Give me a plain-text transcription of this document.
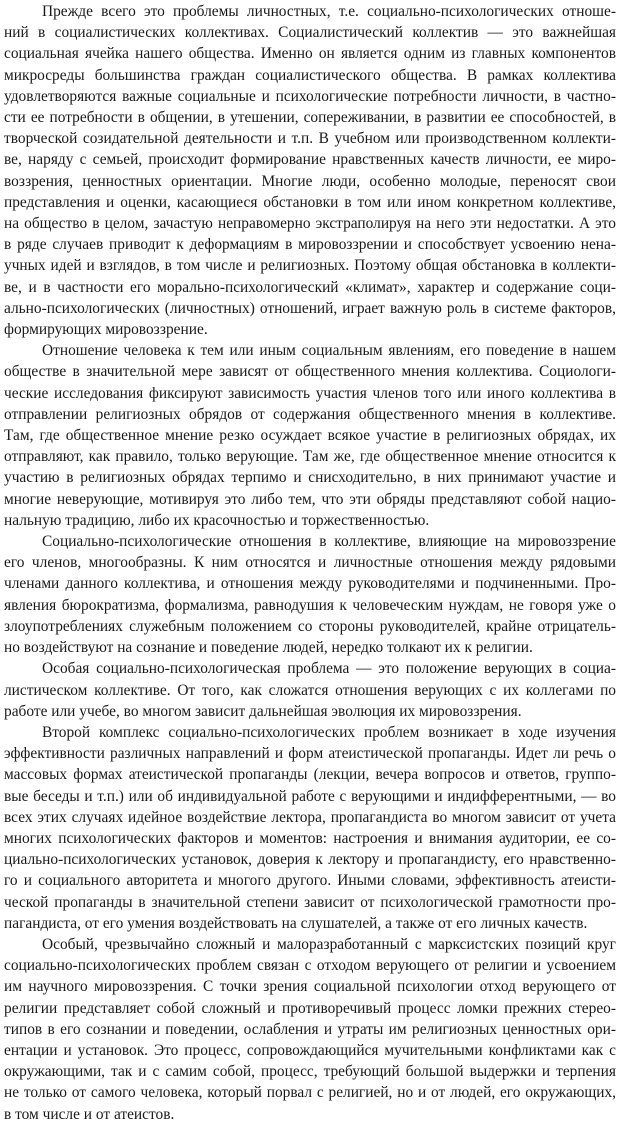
Прежде всего это проблемы личностных, т.е. социально-психологических отноше-
ний в социалистических коллективах. Социалистический коллектив — это важнейшая
социальная ячейка нашего общества. Именно он является одним из главных компонентов
микросреды большинства граждан социалистического общества. В рамках коллектива
удовлетворяются важные социальные и психологические потребности личности, в частно-
сти ее потребности в общении, в утешении, сопереживании, в развитии ее способностей, в
творческой созидательной деятельности и т.п. В учебном или производственном коллекти-
ве, наряду с семьей, происходит формирование нравственных качеств личности, ее миро-
воззрения, ценностных ориентации. Многие люди, особенно молодые, переносят свои
представления и оценки, касающиеся обстановки в том или ином конкретном коллективе,
на общество в целом, зачастую неправомерно экстраполируя на него эти недостатки. А это
в ряде случаев приводит к деформациям в мировоззрении и способствует усвоению нена-
учных идей и взглядов, в том числе и религиозных. Поэтому общая обстановка в коллекти-
ве, и в частности его морально-психологический «климат», характер и содержание соци-
ально-психологических (личностных) отношений, играет важную роль в системе факторов,
формирующих мировоззрение.
Отношение человека к тем или иным социальным явлениям, его поведение в нашем
обществе в значительной мере зависят от общественного мнения коллектива. Социологи-
ческие исследования фиксируют зависимость участия членов того или иного коллектива в
отправлении религиозных обрядов от содержания общественного мнения в коллективе.
Там, где общественное мнение резко осуждает всякое участие в религиозных обрядах, их
отправляют, как правило, только верующие. Там же, где общественное мнение относится к
участию в религиозных обрядах терпимо и снисходительно, в них принимают участие и
многие неверующие, мотивируя это либо тем, что эти обряды представляют собой нацио-
нальную традицию, либо их красочностью и торжественностью.
Социально-психологические отношения в коллективе, влияющие на мировоззрение
его членов, многообразны. К ним относятся и личностные отношения между рядовыми
членами данного коллектива, и отношения между руководителями и подчиненными. Про-
явления бюрократизма, формализма, равнодушия к человеческим нуждам, не говоря уже о
злоупотреблениях служебным положением со стороны руководителей, крайне отрицатель-
но воздействуют на сознание и поведение людей, нередко толкают их к религии.
Особая социально-психологическая проблема — это положение верующих в социа-
листическом коллективе. От того, как сложатся отношения верующих с их коллегами по
работе или учебе, во многом зависит дальнейшая эволюция их мировоззрения.
Второй комплекс социально-психологических проблем возникает в ходе изучения
эффективности различных направлений и форм атеистической пропаганды. Идет ли речь о
массовых формах атеистической пропаганды (лекции, вечера вопросов и ответов, группо-
вые беседы и т.п.) или об индивидуальной работе с верующими и индифферентными, — во
всех этих случаях идейное воздействие лектора, пропагандиста во многом зависит от учета
многих психологических факторов и моментов: настроения и внимания аудитории, ее со-
циально-психологических установок, доверия к лектору и пропагандисту, его нравственно-
го и социального авторитета и многого другого. Иными словами, эффективность атеисти-
ческой пропаганды в значительной степени зависит от психологической грамотности про-
пагандиста, от его умения воздействовать на слушателей, а также от его личных качеств.
Особый, чрезвычайно сложный и малоразработанный с марксистских позиций круг
социально-психологических проблем связан с отходом верующего от религии и усвоением
им научного мировоззрения. С точки зрения социальной психологии отход верующего от
религии представляет собой сложный и противоречивый процесс ломки прежних стерео-
типов в его сознании и поведении, ослабления и утраты им религиозных ценностных ори-
ентации и установок. Это процесс, сопровождающийся мучительными конфликтами как с
окружающими, так и с самим собой, процесс, требующий большой выдержки и терпения
не только от самого человека, который порвал с религией, но и от людей, его окружающих,
в том числе и от атеистов.
